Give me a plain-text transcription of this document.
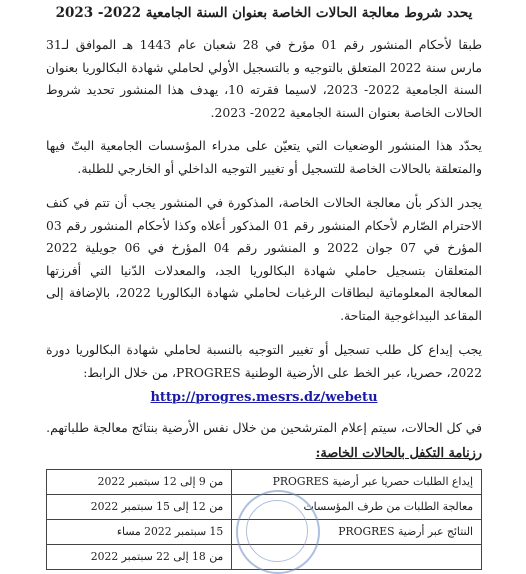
يحدد شروط معالجة الحالات الخاصة بعنوان السنة الجامعية 2022- 2023

طبقا لأحكام المنشور رقم 01 مؤرخ في 28 شعبان عام 1443 هـ الموافق لـ31 مارس سنة 2022 المتعلق بالتوجيه و بالتسجيل الأولي لحاملي شهادة البكالوريا بعنوان السنة الجامعية 2022- 2023، لاسيما فقرته 10، يهدف هذا المنشور تحديد شروط الحالات الخاصة بعنوان السنة الجامعية 2022- 2023.

يحدّد هذا المنشور الوضعيات التي يتعيّن على مدراء المؤسسات الجامعية البتّ فيها والمتعلقة بالحالات الخاصة للتسجيل أو تغيير التوجيه الداخلي أو الخارجي للطلبة.

يجدر الذكر بأن معالجة الحالات الخاصة، المذكورة في المنشور يجب أن تتم في كنف الاحترام الصّارم لأحكام المنشور رقم 01 المذكور أعلاه وكذا لأحكام المنشور رقم 03 المؤرخ في 07 جوان 2022 و المنشور رقم 04 المؤرخ في 06 جويلية 2022 المتعلقان بتسجيل حاملي شهادة البكالوريا الجد، والمعدلات الدّنيا التي أفرزتها المعالجة المعلوماتية لبطاقات الرغبات لحاملي شهادة البكالوريا 2022، بالإضافة إلى المقاعد البيداغوجية المتاحة.

يجب إيداع كل طلب تسجيل أو تغيير التوجيه بالنسبة لحاملي شهادة البكالوريا دورة 2022، حصريا، عبر الخط على الأرضية الوطنية PROGRES، من خلال الرابط:

http://progres.mesrs.dz/webetu

في كل الحالات، سيتم إعلام المترشحين من خلال نفس الأرضية بنتائج معالجة طلباتهم.

رزنامة التكفل بالحالات الخاصة:
إيداع الطلبات حصريا عبر أرضية PROGRES	من 9 إلى 12 سبتمبر 2022
معالجة الطلبات من طرف المؤسسات	من 12 إلى 15 سبتمبر 2022
النتائج عبر أرضية PROGRES	15 سبتمبر 2022 مساء
	من 18 إلى 22 سبتمبر 2022
